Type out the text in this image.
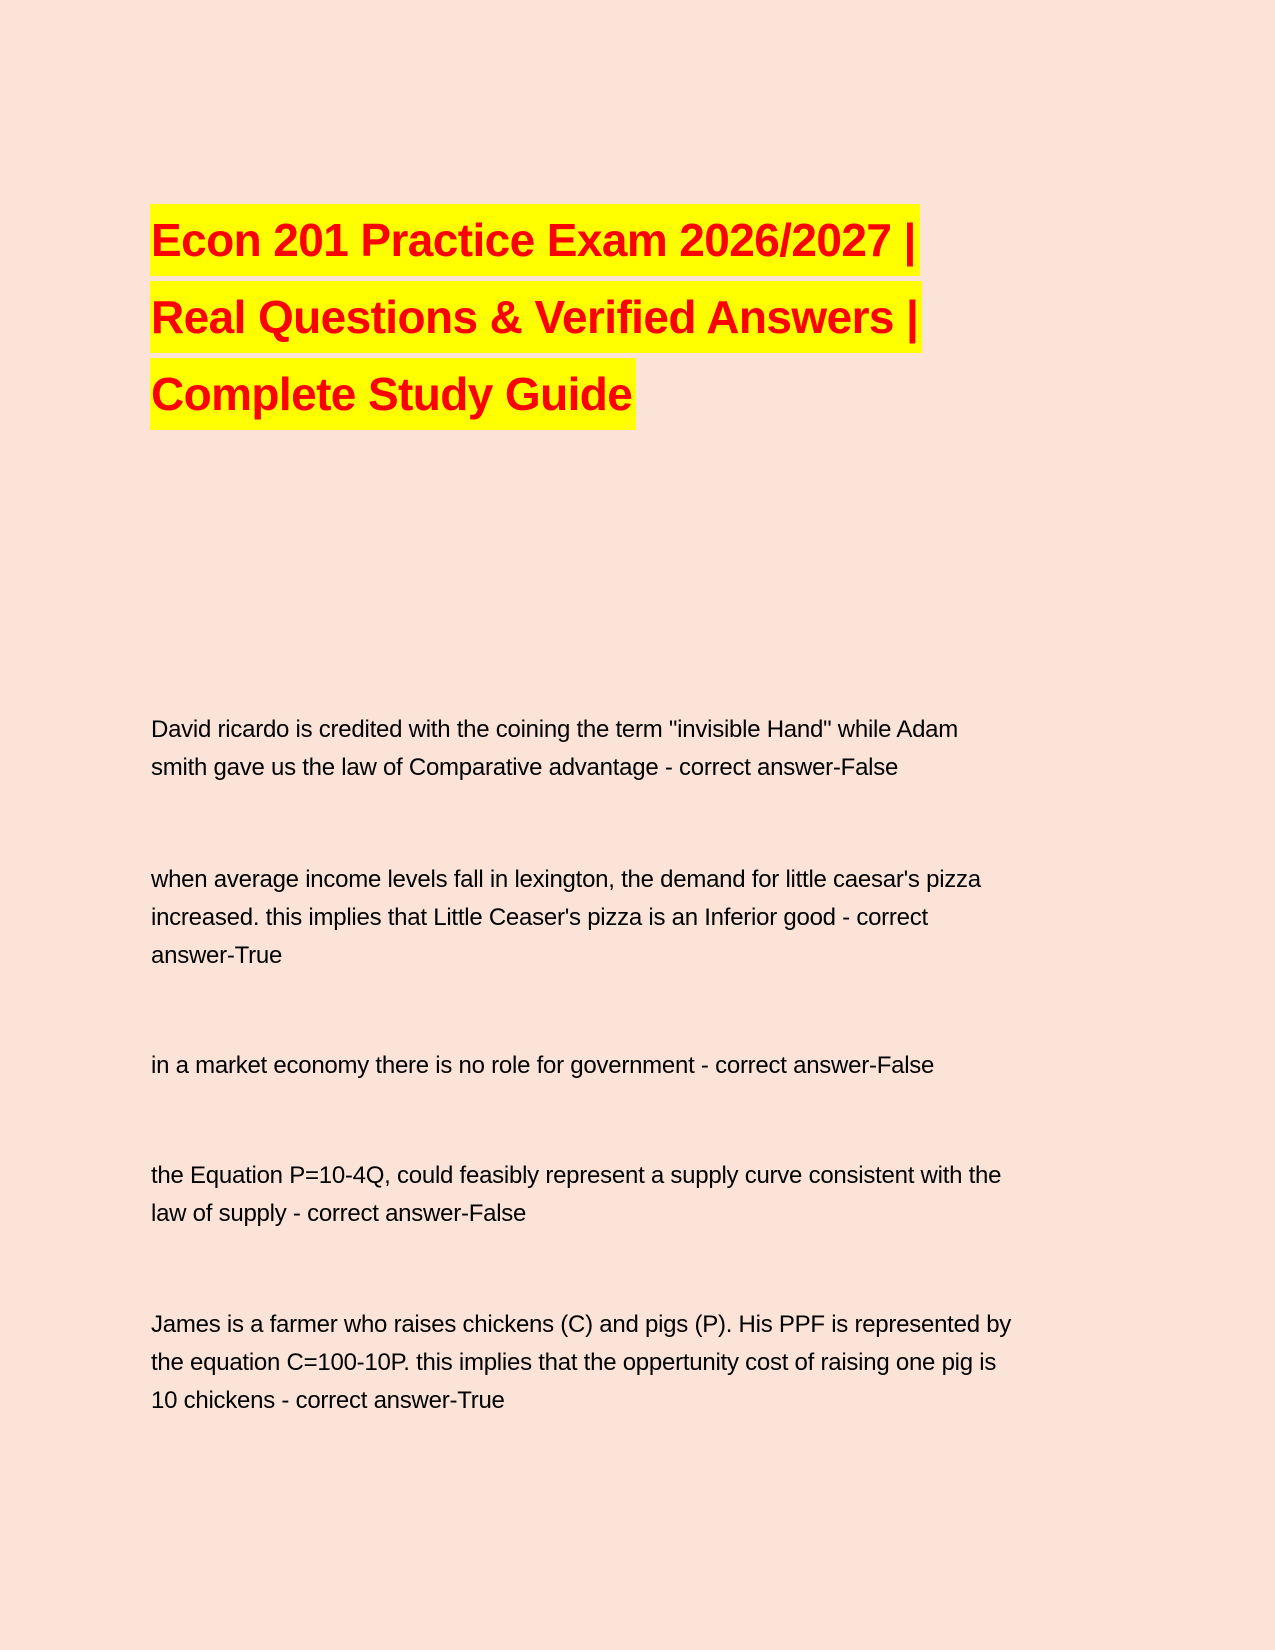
Econ 201 Practice Exam 2026/2027 |
Real Questions & Verified Answers |
Complete Study Guide
David ricardo is credited with the coining the term "invisible Hand" while Adam
smith gave us the law of Comparative advantage - correct answer-False
when average income levels fall in lexington, the demand for little caesar's pizza
increased. this implies that Little Ceaser's pizza is an Inferior good - correct
answer-True
in a market economy there is no role for government - correct answer-False
the Equation P=10-4Q, could feasibly represent a supply curve consistent with the
law of supply - correct answer-False
James is a farmer who raises chickens (C) and pigs (P). His PPF is represented by
the equation C=100-10P. this implies that the oppertunity cost of raising one pig is
10 chickens - correct answer-True
